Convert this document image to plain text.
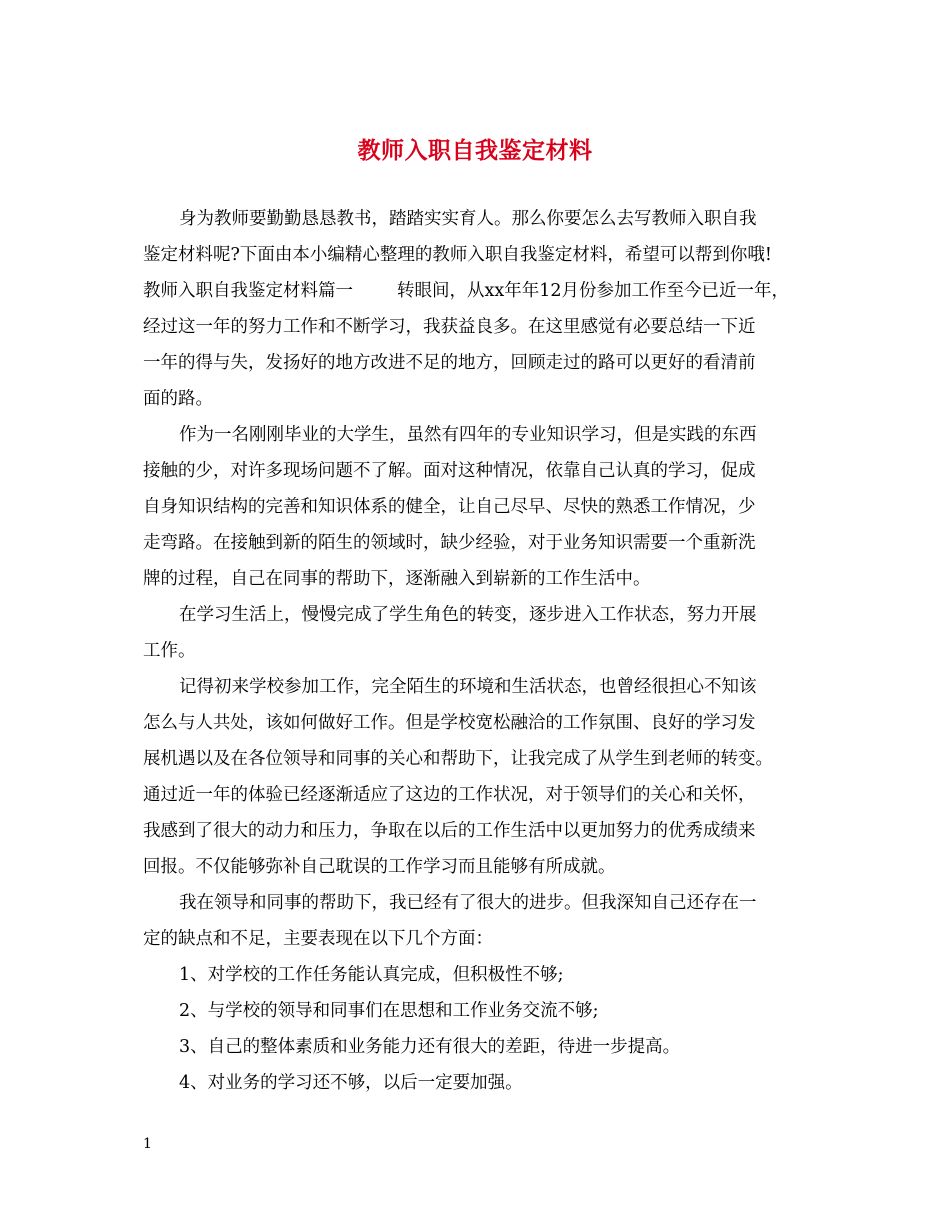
教师入职自我鉴定材料
身为教师要勤勤恳恳教书，踏踏实实育人。那么你要怎么去写教师入职自我
鉴定材料呢?下面由本小编精心整理的教师入职自我鉴定材料，希望可以帮到你哦!
教师入职自我鉴定材料篇一	转眼间，从xx年年12月份参加工作至今已近一年，
经过这一年的努力工作和不断学习，我获益良多。在这里感觉有必要总结一下近
一年的得与失，发扬好的地方改进不足的地方，回顾走过的路可以更好的看清前
面的路。
作为一名刚刚毕业的大学生，虽然有四年的专业知识学习，但是实践的东西
接触的少，对许多现场问题不了解。面对这种情况，依靠自己认真的学习，促成
自身知识结构的完善和知识体系的健全，让自己尽早、尽快的熟悉工作情况，少
走弯路。在接触到新的陌生的领域时，缺少经验，对于业务知识需要一个重新洗
牌的过程，自己在同事的帮助下，逐渐融入到崭新的工作生活中。
在学习生活上，慢慢完成了学生角色的转变，逐步进入工作状态，努力开展
工作。
记得初来学校参加工作，完全陌生的环境和生活状态，也曾经很担心不知该
怎么与人共处，该如何做好工作。但是学校宽松融洽的工作氛围、良好的学习发
展机遇以及在各位领导和同事的关心和帮助下，让我完成了从学生到老师的转变。
通过近一年的体验已经逐渐适应了这边的工作状况，对于领导们的关心和关怀，
我感到了很大的动力和压力，争取在以后的工作生活中以更加努力的优秀成绩来
回报。不仅能够弥补自己耽误的工作学习而且能够有所成就。
我在领导和同事的帮助下，我已经有了很大的进步。但我深知自己还存在一
定的缺点和不足，主要表现在以下几个方面：
1、对学校的工作任务能认真完成，但积极性不够;
2、与学校的领导和同事们在思想和工作业务交流不够;
3、自己的整体素质和业务能力还有很大的差距，待进一步提高。
4、对业务的学习还不够，以后一定要加强。
1
